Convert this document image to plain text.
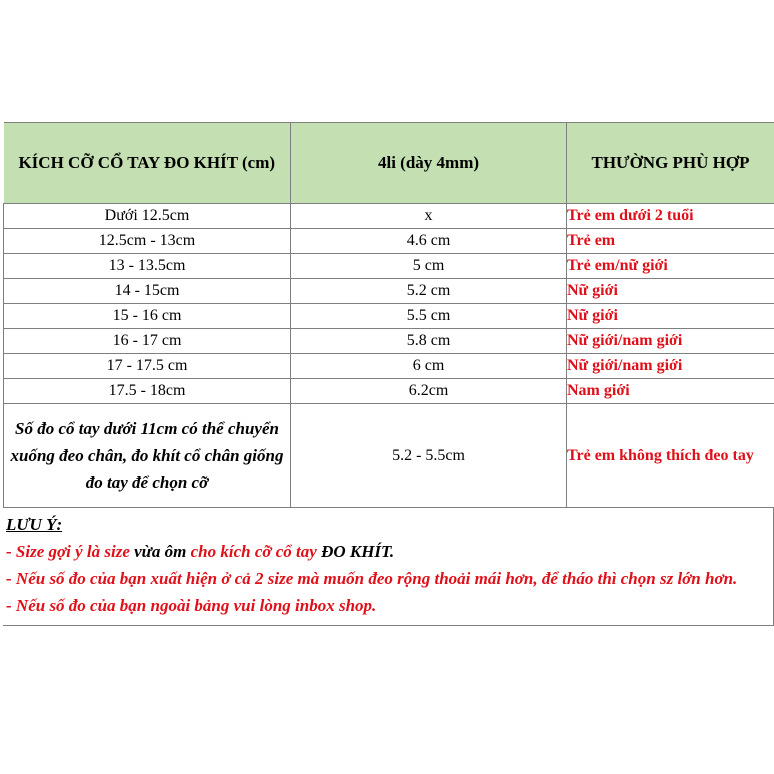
KÍCH CỠ CỔ TAY ĐO KHÍT (cm)	4li (dày 4mm)	THƯỜNG PHÙ HỢP
Dưới 12.5cm	x	Trẻ em dưới 2 tuổi
12.5cm - 13cm	4.6 cm	Trẻ em
13 - 13.5cm	5 cm	Trẻ em/nữ giới
14 - 15cm	5.2 cm	Nữ giới
15 - 16 cm	5.5 cm	Nữ giới
16 - 17 cm	5.8 cm	Nữ giới/nam giới
17 - 17.5 cm	6 cm	Nữ giới/nam giới
17.5 - 18cm	6.2cm	Nam giới
Số đo cổ tay dưới 11cm có thể chuyển xuống đeo chân, đo khít cổ chân giống đo tay để chọn cỡ	5.2 - 5.5cm	Trẻ em không thích đeo tay
LƯU Ý:
- Size gợi ý là size vừa ôm cho kích cỡ cổ tay ĐO KHÍT.
- Nếu số đo của bạn xuất hiện ở cả 2 size mà muốn đeo rộng thoải mái hơn, để tháo thì chọn sz lớn hơn.
- Nếu số đo của bạn ngoài bảng vui lòng inbox shop.
